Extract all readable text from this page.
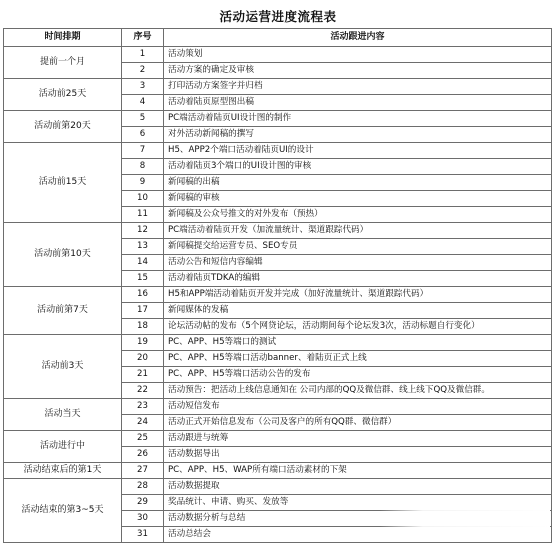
活动运营进度流程表
时间排期	序号	活动跟进内容
提前一个月	1	活动策划
	2	活动方案的确定及审核
活动前25天	3	打印活动方案签字并归档
	4	活动着陆页原型图出稿
活动前第20天	5	PC端活动着陆页UI设计图的制作
	6	对外活动新闻稿的撰写
活动前15天	7	H5、APP2个端口活动着陆页UI的设计
	8	活动着陆页3个端口的UI设计图的审核
	9	新闻稿的出稿
	10	新闻稿的审核
	11	新闻稿及公众号推文的对外发布（预热）
活动前第10天	12	PC端活动着陆页开发（加流量统计、渠道跟踪代码）
	13	新闻稿提交给运营专员、SEO专员
	14	活动公告和短信内容编辑
	15	活动着陆页TDKA的编辑
活动前第7天	16	H5和APP端活动着陆页开发并完成（加好流量统计、渠道跟踪代码）
	17	新闻媒体的发稿
	18	论坛活动帖的发布（5个网贷论坛，活动期间每个论坛发3次，活动标题自行变化）
活动前3天	19	PC、APP、H5等端口的测试
	20	PC、APP、H5等端口活动banner、着陆页正式上线
	21	PC、APP、H5等端口活动公告的发布
	22	活动预告：把活动上线信息通知在 公司内部的QQ及微信群、线上线下QQ及微信群。
活动当天	23	活动短信发布
	24	活动正式开始信息发布（公司及客户的所有QQ群、微信群）
活动进行中	25	活动跟进与统筹
	26	活动数据导出
活动结束后的第1天	27	PC、APP、H5、WAP所有端口活动素材的下架
活动结束的第3~5天	28	活动数据提取
	29	奖品统计、申请、购买、发放等
	30	活动数据分析与总结
	31	活动总结会
